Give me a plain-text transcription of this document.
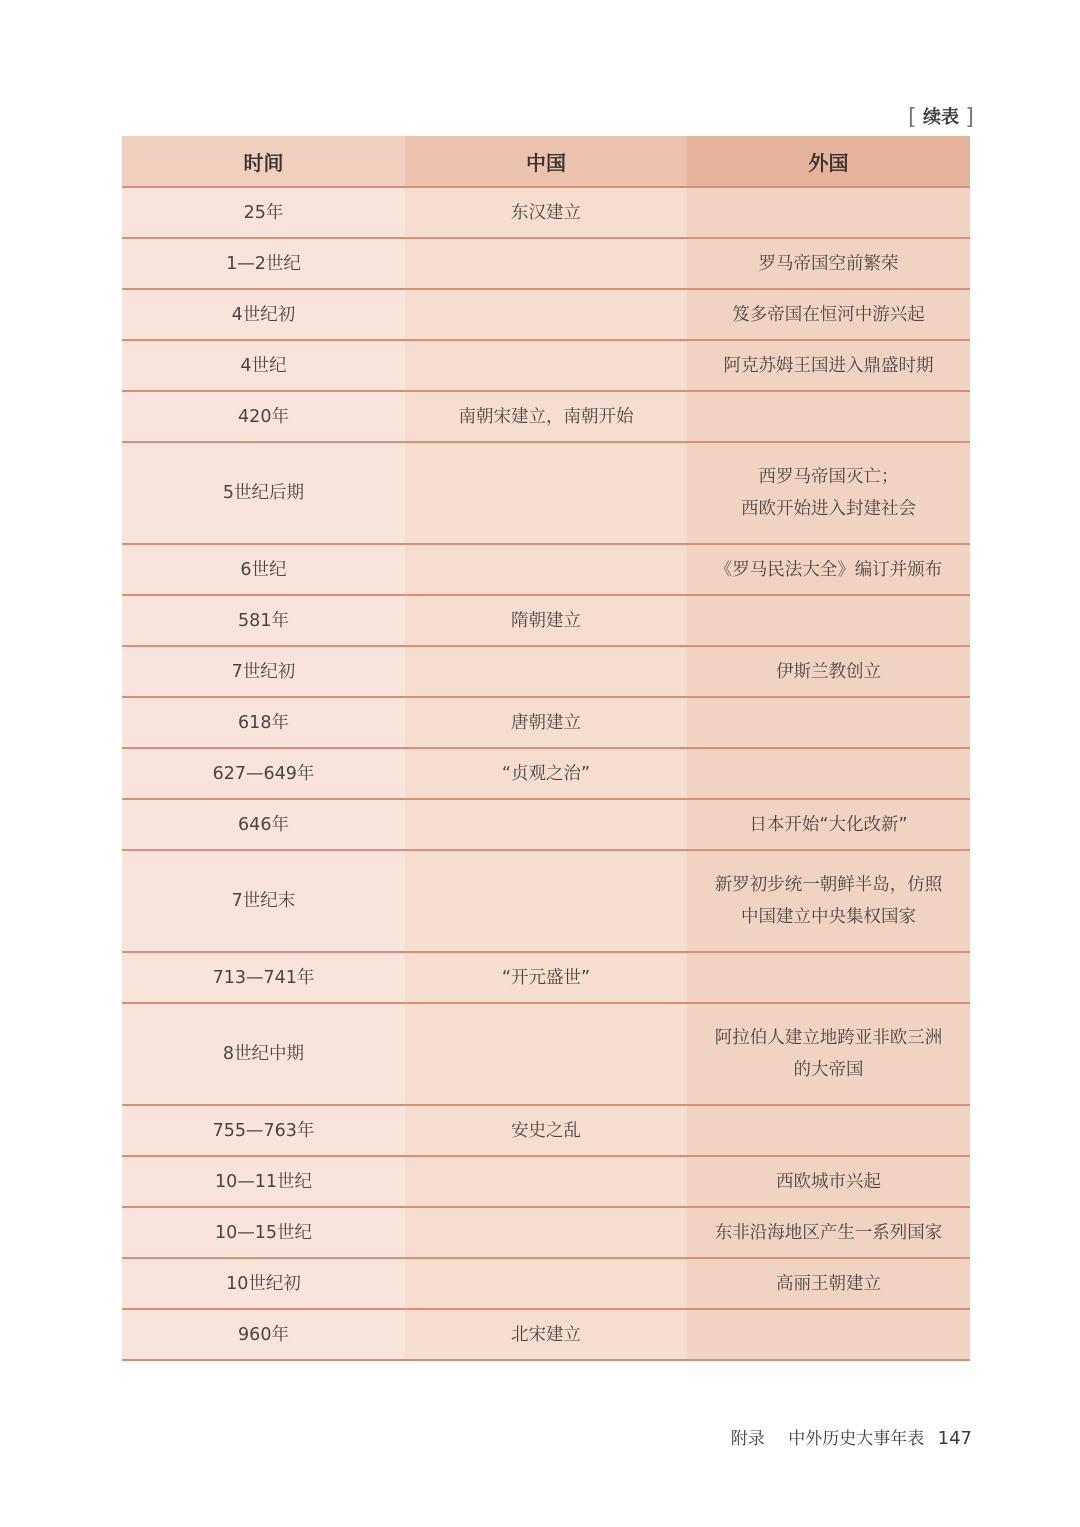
[ 续表 ]
时间	中国	外国
25年	东汉建立	

1—2世纪		罗马帝国空前繁荣

4世纪初		笈多帝国在恒河中游兴起

4世纪		阿克苏姆王国进入鼎盛时期

420年	南朝宋建立，南朝开始	

5世纪后期		西罗马帝国灭亡；
西欧开始进入封建社会

6世纪		《罗马民法大全》编订并颁布

581年	隋朝建立	

7世纪初		伊斯兰教创立

618年	唐朝建立	

627—649年	“贞观之治”	

646年		日本开始“大化改新”

7世纪末		新罗初步统一朝鲜半岛，仿照
中国建立中央集权国家

713—741年	“开元盛世”	

8世纪中期		阿拉伯人建立地跨亚非欧三洲
的大帝国

755—763年	安史之乱	

10—11世纪		西欧城市兴起

10—15世纪		东非沿海地区产生一系列国家

10世纪初		高丽王朝建立

960年	北宋建立	

附录 中外历史大事年表 147
